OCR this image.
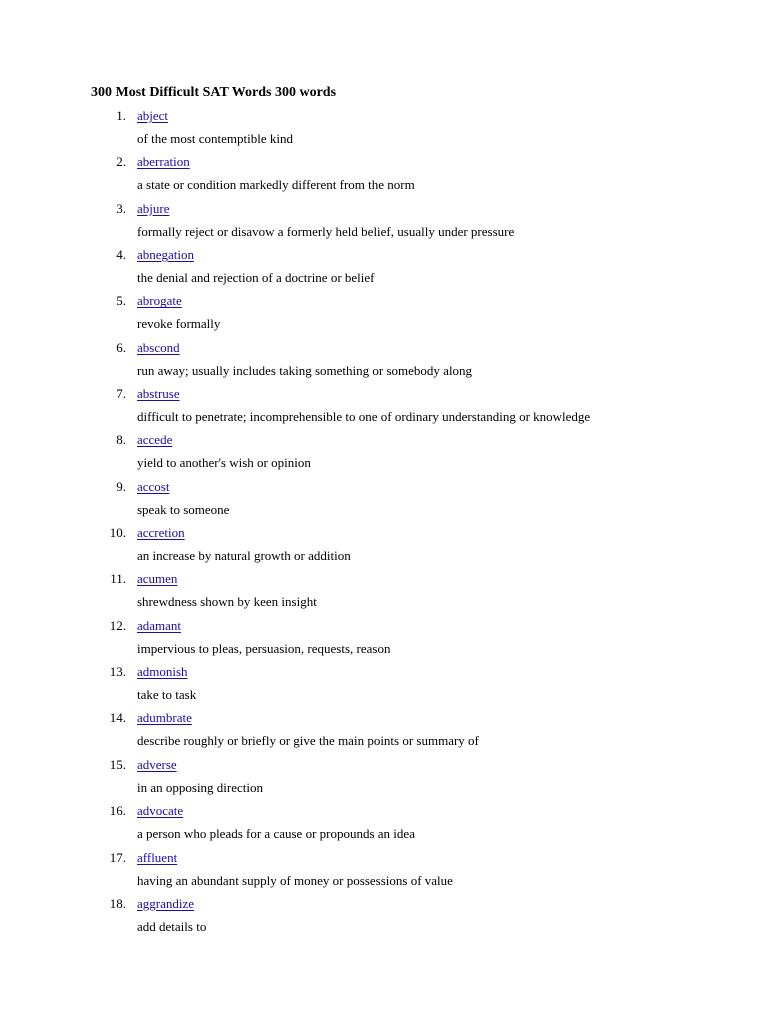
300 Most Difficult SAT Words 300 words
1. abject
of the most contemptible kind
2. aberration
a state or condition markedly different from the norm
3. abjure
formally reject or disavow a formerly held belief, usually under pressure
4. abnegation
the denial and rejection of a doctrine or belief
5. abrogate
revoke formally
6. abscond
run away; usually includes taking something or somebody along
7. abstruse
difficult to penetrate; incomprehensible to one of ordinary understanding or knowledge
8. accede
yield to another's wish or opinion
9. accost
speak to someone
10. accretion
an increase by natural growth or addition
11. acumen
shrewdness shown by keen insight
12. adamant
impervious to pleas, persuasion, requests, reason
13. admonish
take to task
14. adumbrate
describe roughly or briefly or give the main points or summary of
15. adverse
in an opposing direction
16. advocate
a person who pleads for a cause or propounds an idea
17. affluent
having an abundant supply of money or possessions of value
18. aggrandize
add details to
